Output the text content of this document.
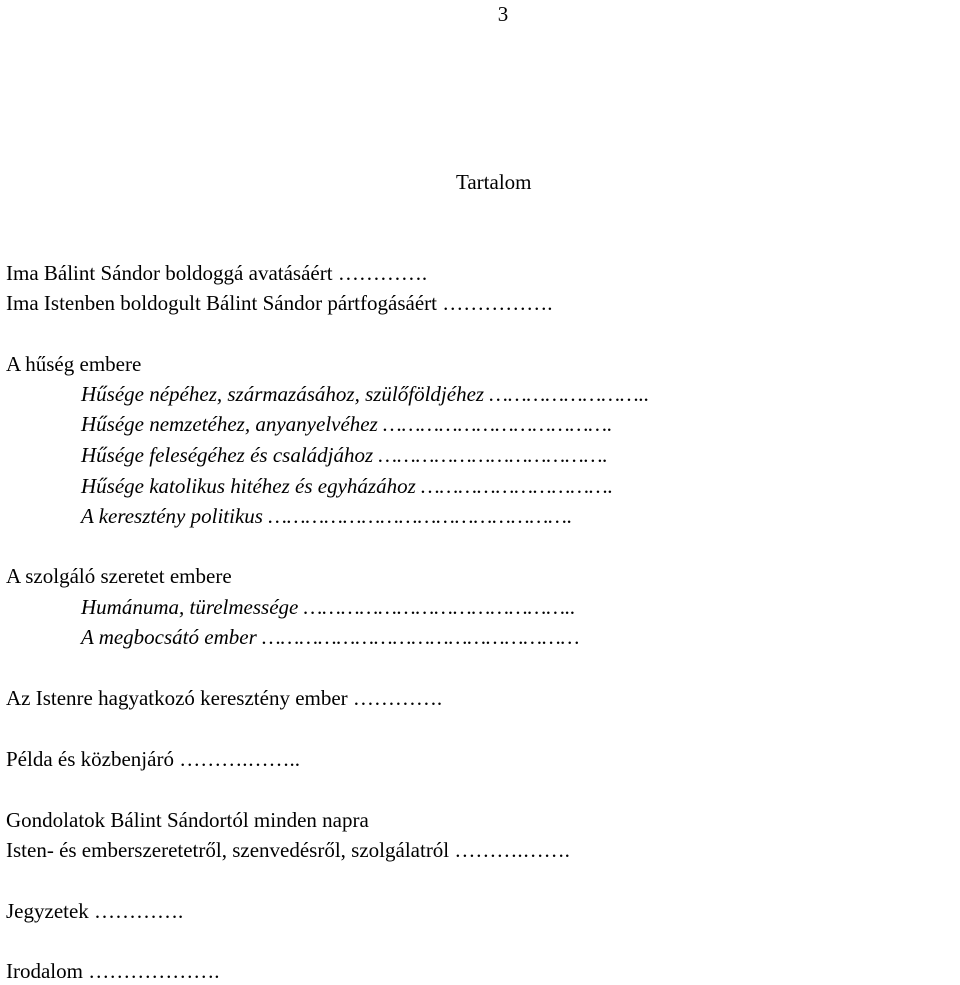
3
Tartalom
Ima Bálint Sándor boldoggá avatásáért ………….
Ima Istenben boldogult Bálint Sándor pártfogásáért …………….
A hűség embere
Hűsége népéhez, származásához, szülőföldjéhez ……………………..
Hűsége nemzetéhez, anyanyelvéhez ……………………………….
Hűsége feleségéhez és családjához ……………………………….
Hűsége katolikus hitéhez és egyházához ………………………….
A keresztény politikus ………………………………………….
A szolgáló szeretet embere
Humánuma, türelmessége ……………………………………..
A megbocsátó ember ……………………………………………
Az Istenre hagyatkozó keresztény ember ………….
Példa és közbenjáró ……….……..
Gondolatok Bálint Sándortól minden napra
Isten- és emberszeretetről, szenvedésről, szolgálatról ……….…….
Jegyzetek ………….
Irodalom ……………….
